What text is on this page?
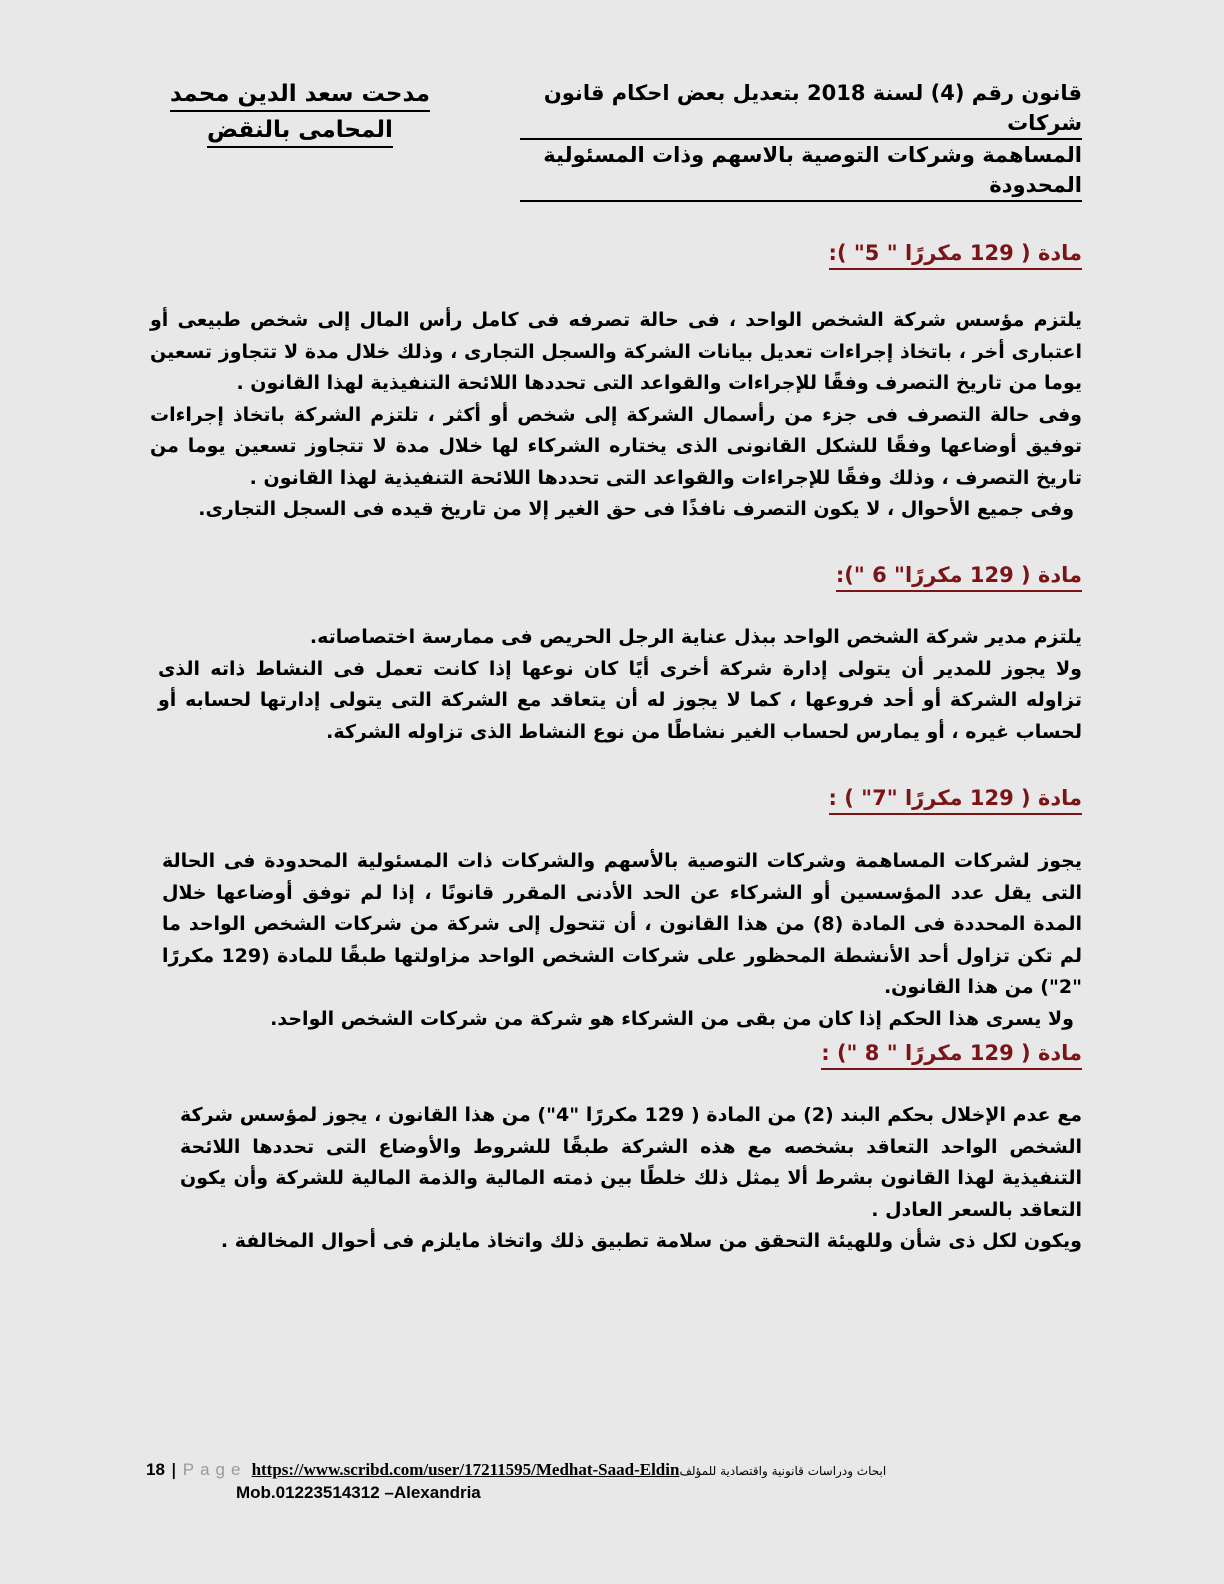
قانون رقم (4) لسنة 2018 بتعديل بعض احكام قانون شركات
المساهمة وشركات التوصية بالاسهم وذات المسئولية المحدودة
مدحت سعد الدين محمد
المحامى بالنقض
مادة ( 129 مكررًا " 5" ):

يلتزم مؤسس شركة الشخص الواحد ، فى حالة تصرفه فى كامل رأس المال إلى شخص طبيعى أو اعتبارى أخر ، باتخاذ إجراءات تعديل بيانات الشركة والسجل التجارى ، وذلك خلال مدة لا تتجاوز تسعين يوما من تاريخ التصرف وفقًا للإجراءات والقواعد التى تحددها اللائحة التنفيذية لهذا القانون .

وفى حالة التصرف فى جزء من رأسمال الشركة إلى شخص أو أكثر ، تلتزم الشركة باتخاذ إجراءات توفيق أوضاعها وفقًا للشكل القانونى الذى يختاره الشركاء لها خلال مدة لا تتجاوز تسعين يوما من تاريخ التصرف ، وذلك وفقًا للإجراءات والقواعد التى تحددها اللائحة التنفيذية لهذا القانون .

وفى جميع الأحوال ، لا يكون التصرف نافذًا فى حق الغير إلا من تاريخ قيده فى السجل التجارى.

مادة ( 129 مكررًا" 6 "):

يلتزم مدير شركة الشخص الواحد ببذل عناية الرجل الحريص فى ممارسة اختصاصاته.

ولا يجوز للمدير أن يتولى إدارة شركة أخرى أيًا كان نوعها إذا كانت تعمل فى النشاط ذاته الذى تزاوله الشركة أو أحد فروعها ، كما لا يجوز له أن يتعاقد مع الشركة التى يتولى إدارتها لحسابه أو لحساب غيره ، أو يمارس لحساب الغير نشاطًا من نوع النشاط الذى تزاوله الشركة.

مادة ( 129 مكررًا "7" ) :

يجوز لشركات المساهمة وشركات التوصية بالأسهم والشركات ذات المسئولية المحدودة فى الحالة التى يقل عدد المؤسسين أو الشركاء عن الحد الأدنى المقرر قانونًا ، إذا لم توفق أوضاعها خلال المدة المحددة فى المادة (8) من هذا القانون ، أن تتحول إلى شركة من شركات الشخص الواحد ما لم تكن تزاول أحد الأنشطة المحظور على شركات الشخص الواحد مزاولتها طبقًا للمادة (129 مكررًا "2") من هذا القانون.

ولا يسرى هذا الحكم إذا كان من بقى من الشركاء هو شركة من شركات الشخص الواحد.

مادة ( 129 مكررًا " 8 ") :

مع عدم الإخلال بحكم البند (2) من المادة ( 129 مكررًا "4") من هذا القانون ، يجوز لمؤسس شركة الشخص الواحد التعاقد بشخصه مع هذه الشركة طبقًا للشروط والأوضاع التى تحددها اللائحة التنفيذية لهذا القانون بشرط ألا يمثل ذلك خلطًا بين ذمته المالية والذمة المالية للشركة وأن يكون التعاقد بالسعر العادل .

ويكون لكل ذى شأن وللهيئة التحقق من سلامة تطبيق ذلك واتخاذ مايلزم فى أحوال المخالفة .

18 | Page https://www.scribd.com/user/17211595/Medhat-Saad-Eldinابحاث ودراسات قانونية واقتصادية للمؤلف
Mob.01223514312 –Alexandria
